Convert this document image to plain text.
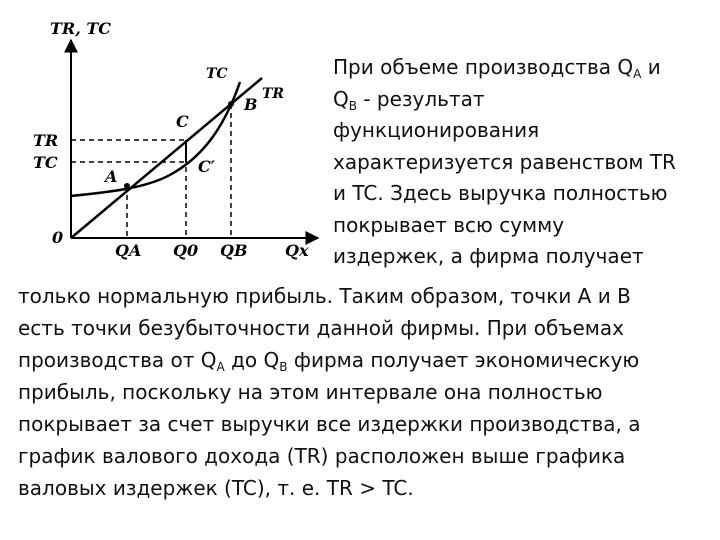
TR, TC
Qx
0
TC
TR
TR
TC
A
B
C
C′
QA Q0 QB
При объеме производства $Q_A$ и
$Q_B$ - результат
функционирования
характеризуется равенством TR
и TC. Здесь выручка полностью
покрывает всю сумму
издержек, а фирма получает
только нормальную прибыль. Таким образом, точки A и B
есть точки безубыточности данной фирмы. При объемах
производства от $Q_A$ до $Q_B$ фирма получает экономическую
прибыль, поскольку на этом интервале она полностью
покрывает за счет выручки все издержки производства, а
график валового дохода (TR) расположен выше графика
валовых издержек (TC), т. е. TR > TC.
